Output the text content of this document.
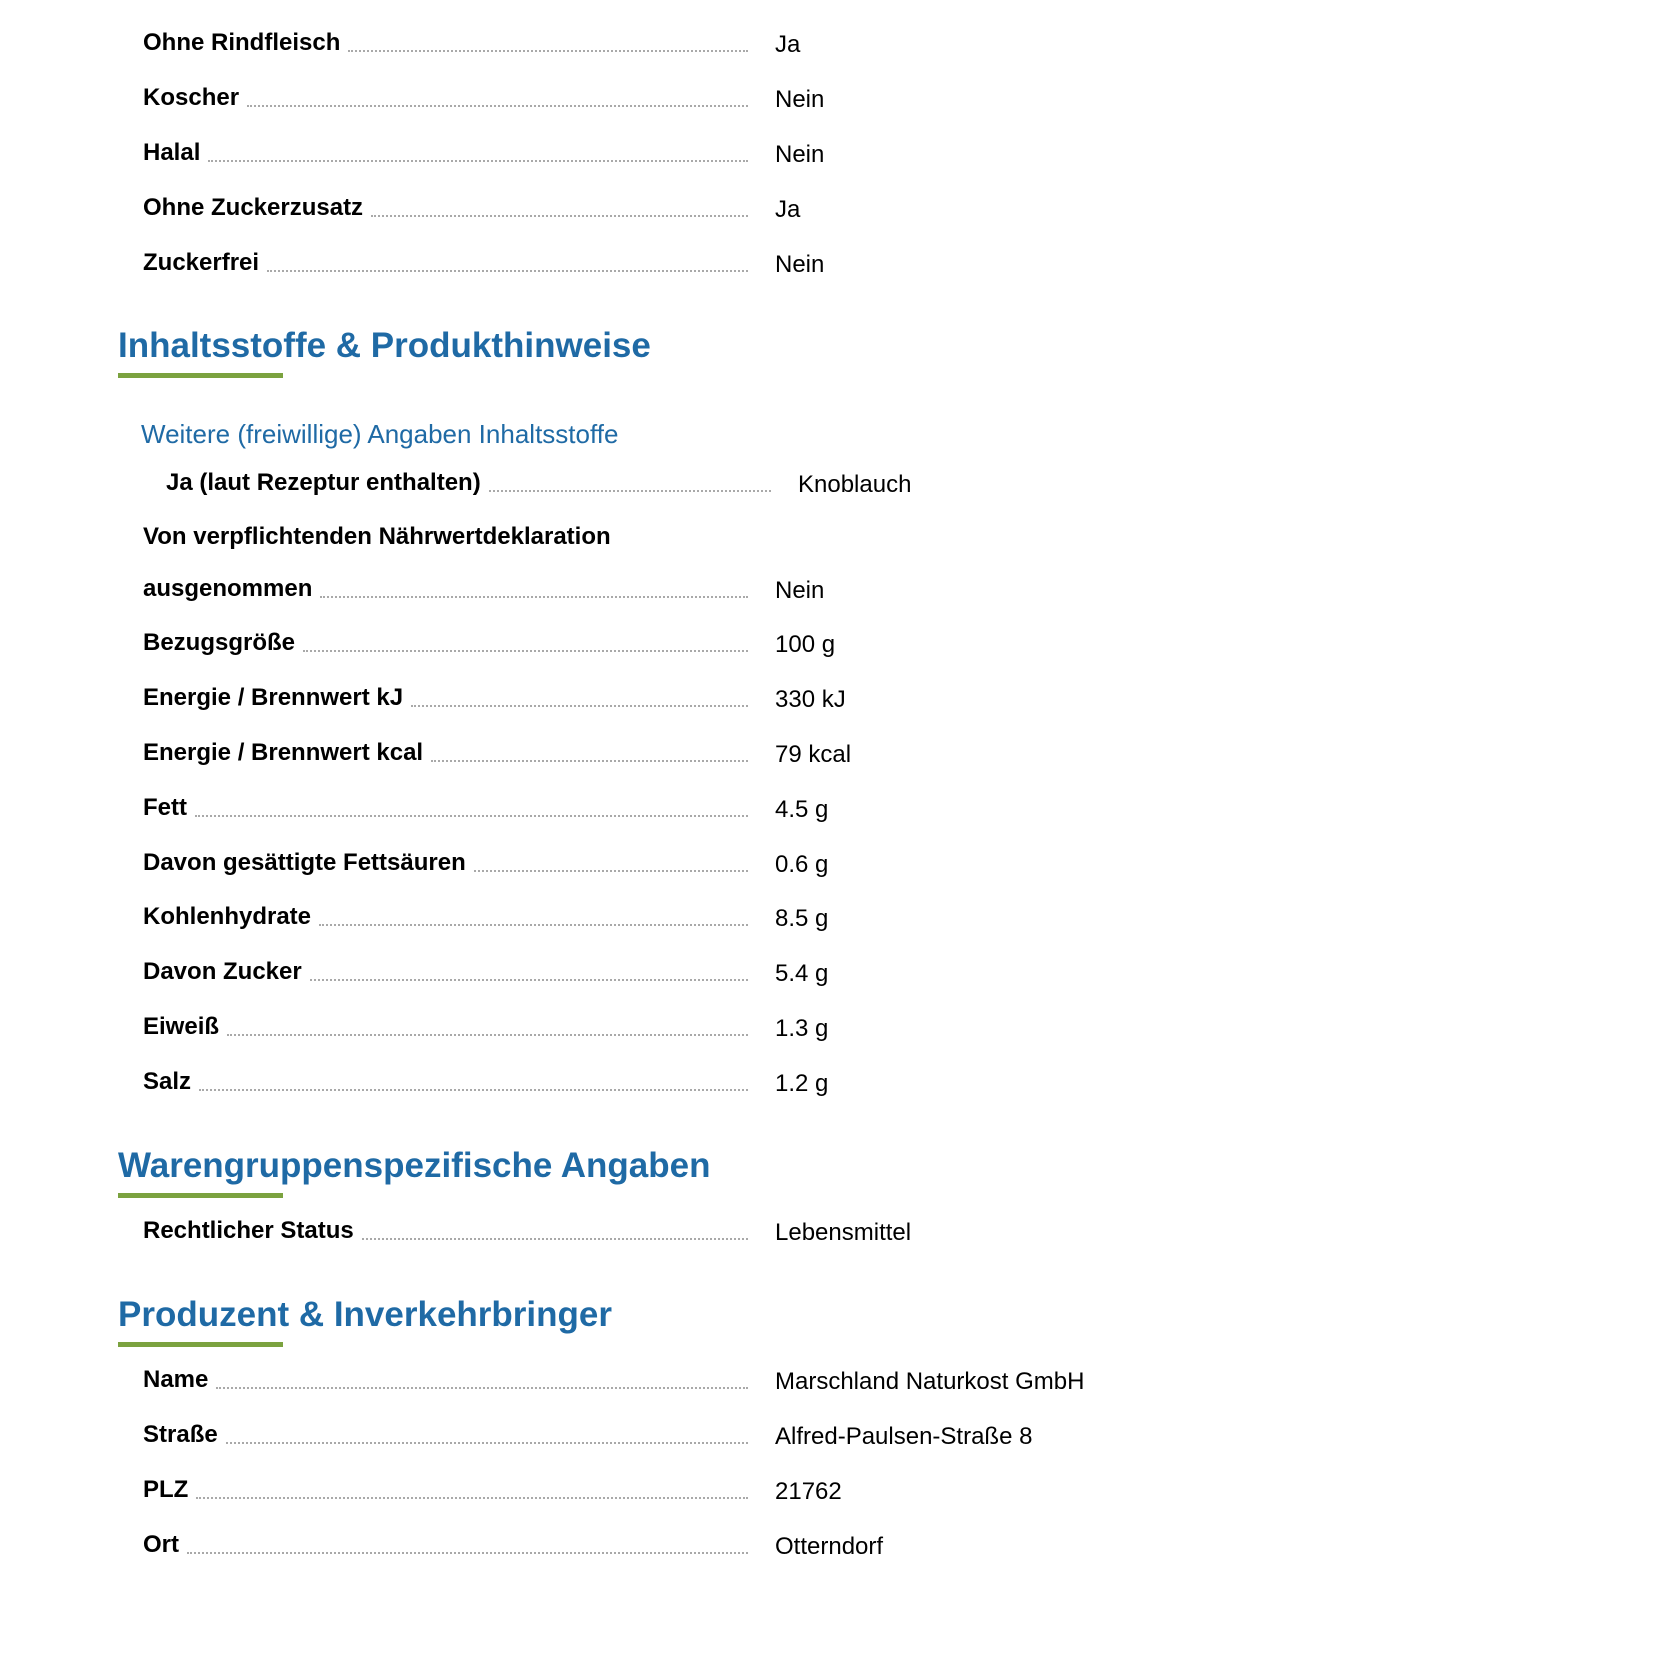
Ohne Rindfleisch	Ja
Koscher	Nein
Halal	Nein
Ohne Zuckerzusatz	Ja
Zuckerfrei	Nein
Inhaltsstoffe & Produkthinweise
Weitere (freiwillige) Angaben Inhaltsstoffe
Ja (laut Rezeptur enthalten)	Knoblauch
Von verpflichtenden Nährwertdeklaration
ausgenommen	Nein
Bezugsgröße	100 g
Energie / Brennwert kJ	330 kJ
Energie / Brennwert kcal	79 kcal
Fett	4.5 g
Davon gesättigte Fettsäuren	0.6 g
Kohlenhydrate	8.5 g
Davon Zucker	5.4 g
Eiweiß	1.3 g
Salz	1.2 g
Warengruppenspezifische Angaben
Rechtlicher Status	Lebensmittel
Produzent & Inverkehrbringer
Name	Marschland Naturkost GmbH
Straße	Alfred-Paulsen-Straße 8
PLZ	21762
Ort	Otterndorf
